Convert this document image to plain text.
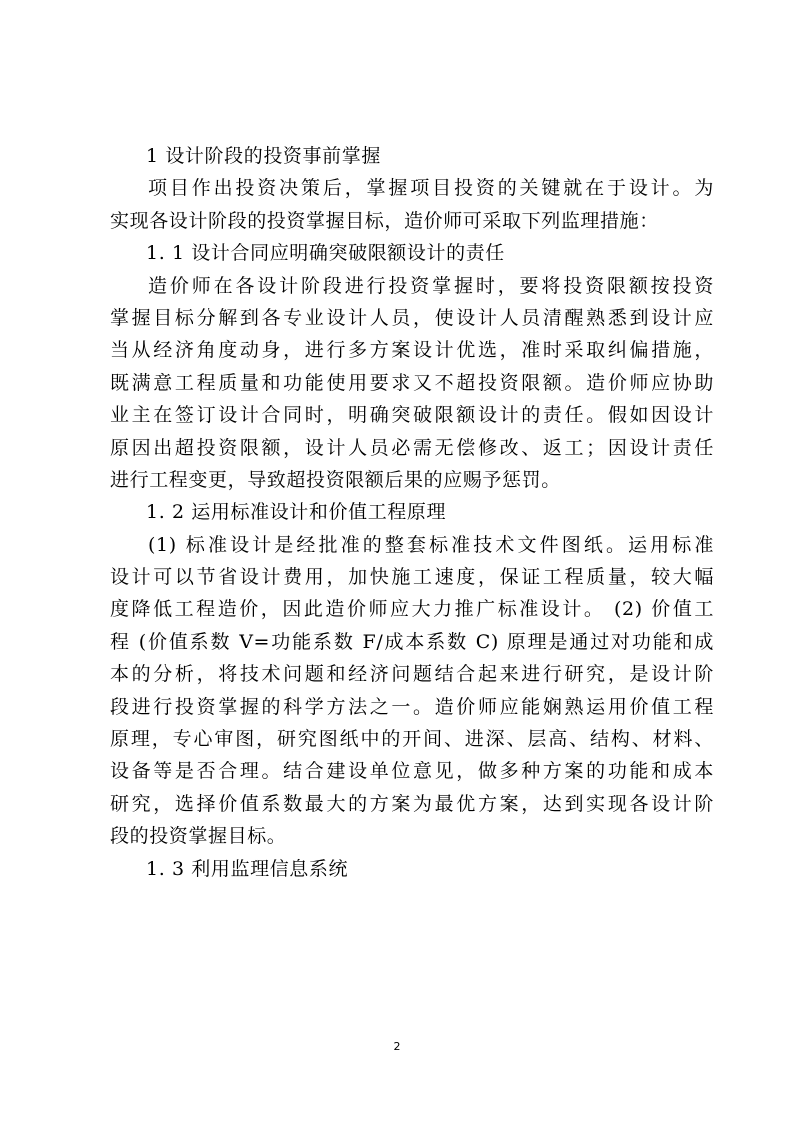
1 设计阶段的投资事前掌握
项目作出投资决策后，掌握项目投资的关键就在于设计。为
实现各设计阶段的投资掌握目标，造价师可采取下列监理措施：
1. 1 设计合同应明确突破限额设计的责任
造价师在各设计阶段进行投资掌握时，要将投资限额按投资
掌握目标分解到各专业设计人员，使设计人员清醒熟悉到设计应
当从经济角度动身，进行多方案设计优选，准时采取纠偏措施，
既满意工程质量和功能使用要求又不超投资限额。造价师应协助
业主在签订设计合同时，明确突破限额设计的责任。假如因设计
原因出超投资限额，设计人员必需无偿修改、返工；因设计责任
进行工程变更，导致超投资限额后果的应赐予惩罚。
1. 2 运用标准设计和价值工程原理
(1) 标准设计是经批准的整套标准技术文件图纸。运用标准
设计可以节省设计费用，加快施工速度，保证工程质量，较大幅
度降低工程造价，因此造价师应大力推广标准设计。 (2) 价值工
程 (价值系数 V=功能系数 F/成本系数 C) 原理是通过对功能和成
本的分析，将技术问题和经济问题结合起来进行研究，是设计阶
段进行投资掌握的科学方法之一。造价师应能娴熟运用价值工程
原理，专心审图，研究图纸中的开间、进深、层高、结构、材料、
设备等是否合理。结合建设单位意见，做多种方案的功能和成本
研究，选择价值系数最大的方案为最优方案，达到实现各设计阶
段的投资掌握目标。
1. 3 利用监理信息系统
2
